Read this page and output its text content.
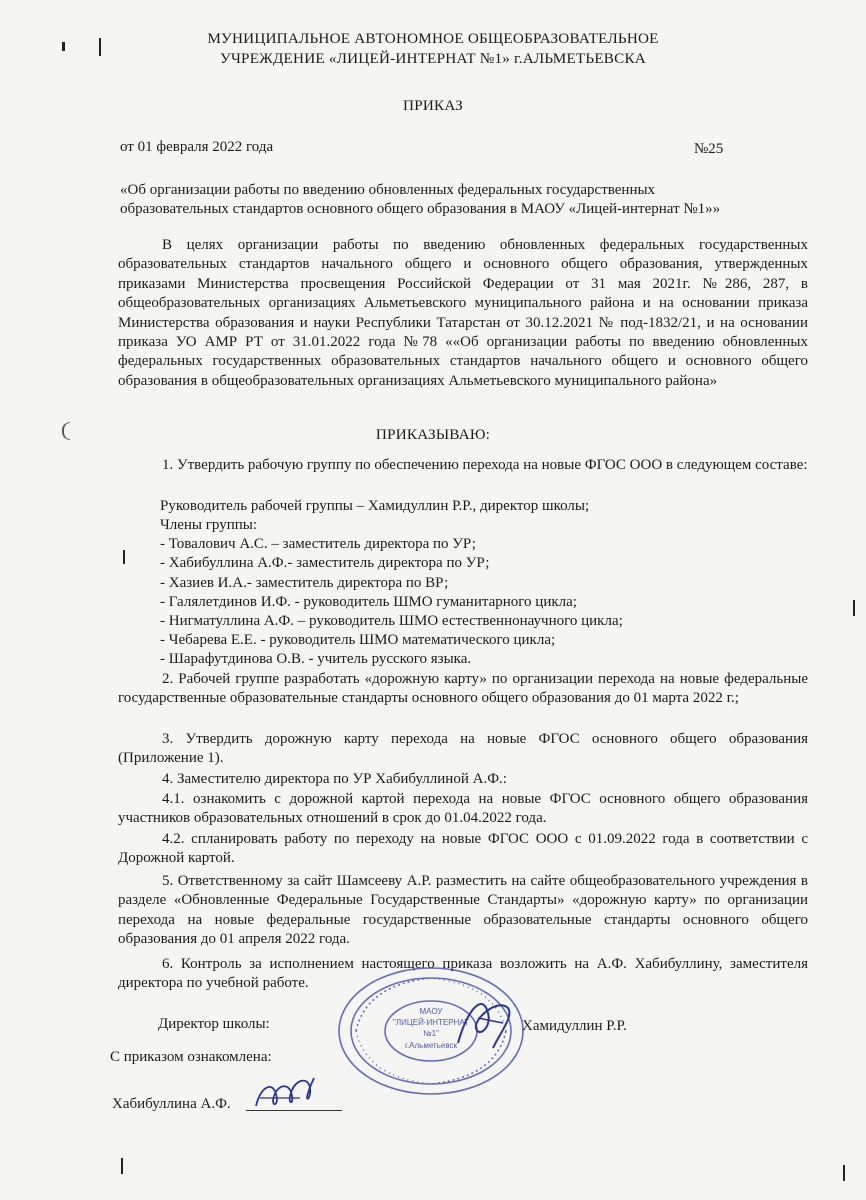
МУНИЦИПАЛЬНОЕ АВТОНОМНОЕ ОБЩЕОБРАЗОВАТЕЛЬНОЕ
УЧРЕЖДЕНИЕ «ЛИЦЕЙ-ИНТЕРНАТ №1» г.АЛЬМЕТЬЕВСКА
ПРИКАЗ
от 01 февраля 2022 года	№25
«Об организации работы по введению обновленных федеральных государственных
образовательных стандартов основного общего образования в МАОУ «Лицей-интернат №1»»
В целях организации работы по введению обновленных федеральных государственных образовательных стандартов начального общего и основного общего образования, утвержденных приказами Министерства просвещения Российской Федерации от 31 мая 2021г. №286, 287, в общеобразовательных организациях Альметьевского муниципального района и на основании приказа Министерства образования и науки Республики Татарстан от 30.12.2021 № под-1832/21, и на основании приказа УО АМР РТ от 31.01.2022 года №78 ««Об организации работы по введению обновленных федеральных государственных образовательных стандартов начального общего и основного общего образования в общеобразовательных организациях Альметьевского муниципального района»
ПРИКАЗЫВАЮ:
1. Утвердить рабочую группу по обеспечению перехода на новые ФГОС ООО в следующем составе:
Руководитель рабочей группы – Хамидуллин Р.Р., директор школы;
Члены группы:
- Товалович А.С. – заместитель директора по УР;
- Хабибуллина А.Ф.- заместитель директора по УР;
- Хазиев И.А.- заместитель директора по ВР;
- Галялетдинов И.Ф. - руководитель ШМО гуманитарного цикла;
- Нигматуллина А.Ф. – руководитель ШМО естественнонаучного цикла;
- Чебарева Е.Е. - руководитель ШМО математического цикла;
- Шарафутдинова О.В. - учитель русского языка.
2. Рабочей группе разработать «дорожную карту» по организации перехода на новые федеральные государственные образовательные стандарты основного общего образования до 01 марта 2022 г.;
3. Утвердить дорожную карту перехода на новые ФГОС основного общего образования (Приложение 1).
4. Заместителю директора по УР Хабибуллиной А.Ф.:
4.1. ознакомить с дорожной картой перехода на новые ФГОС основного общего образования участников образовательных отношений в срок до 01.04.2022 года.
4.2. спланировать работу по переходу на новые ФГОС ООО с 01.09.2022 года в соответствии с Дорожной картой.
5. Ответственному за сайт Шамсееву А.Р. разместить на сайте общеобразовательного учреждения в разделе «Обновленные Федеральные Государственные Стандарты» «дорожную карту» по организации перехода на новые федеральные государственные образовательные стандарты основного общего образования до 01 апреля 2022 года.
6. Контроль за исполнением настоящего приказа возложить на А.Ф. Хабибуллину, заместителя директора по учебной работе.
МАОУ
"ЛИЦЕЙ-ИНТЕРНАТ
№1"
г.Альметьевск
Директор школы:	Хамидуллин Р.Р.
С приказом ознакомлена:
Хабибуллина А.Ф.
